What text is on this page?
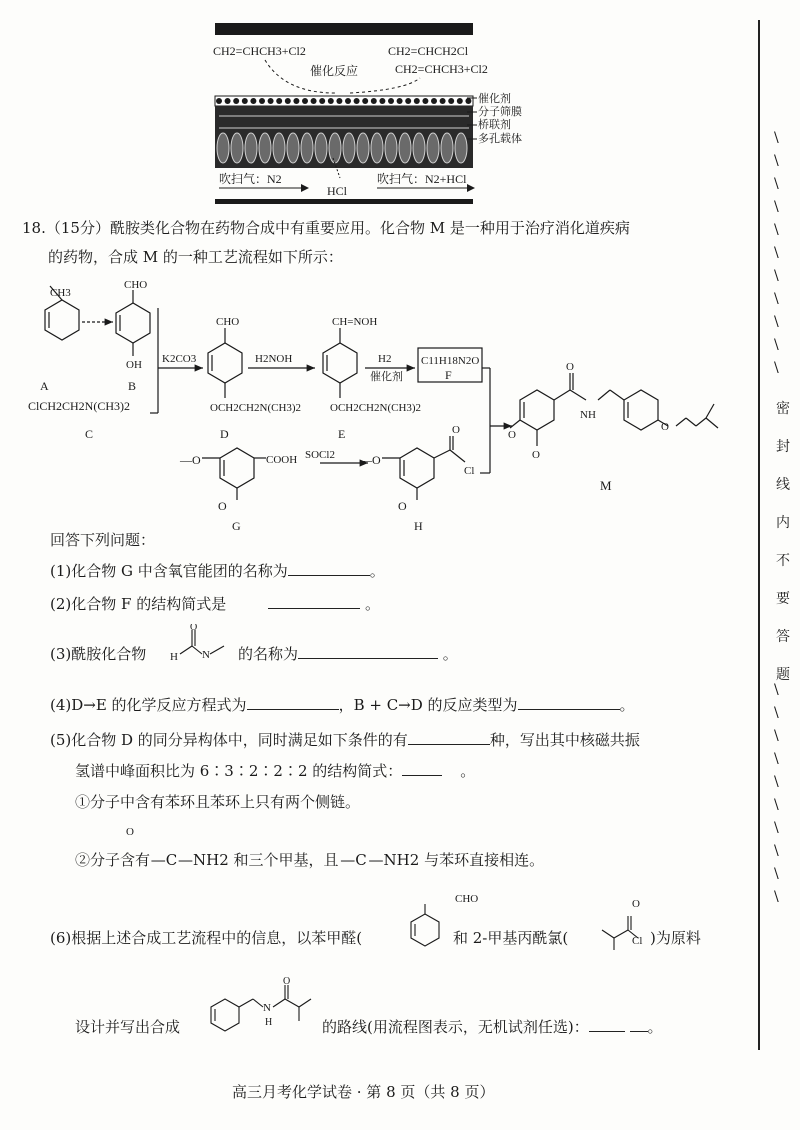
CH2=CHCH3+Cl2	CH2=CHCH2Cl
CH2=CHCH3+Cl2
催化反应
催化剂
分子筛膜
桥联剂
多孔载体
吹扫气：N2
HCl
吹扫气：N2+HCl
18.（15分）酰胺类化合物在药物合成中有重要应用。化合物 M 是一种用于治疗消化道疾病
的药物，合成 M 的一种工艺流程如下所示：
CH3
CHO
OH
A	B
ClCH2CH2N(CH3)2
C
K2CO3
CHO
OCH2CH2N(CH3)2
D
H2NOH
CH=NOH
OCH2CH2N(CH3)2
E
H2
催化剂
C11H18N2O
F
—O
O
COOH SOCl2
G
—O
O
O
Cl
H
O
NH
O
O
O
M
回答下列问题：
(1)化合物 G 中含氧官能团的名称为	。
(2)化合物 F 的结构简式是	。
(3)酰胺化合物
O
H N 的名称为	。
(4)D→E 的化学反应方程式为	，B + C→D 的反应类型为	。
(5)化合物 D 的同分异构体中，同时满足如下条件的有	种，写出其中核磁共振
氢谱中峰面积比为 6∶3∶2∶2∶2 的结构简式：	。
①分子中含有苯环且苯环上只有两个侧链。
O
②分子含有—C—NH2 和三个甲基，且 —C —NH2 与苯环直接相连。
CHO	O
(6)根据上述合成工艺流程中的信息，以苯甲醛(	和 2-甲基丙酰氯(	Cl )为原料
设计并写出合成
O
N
H	的路线(用流程图表示，无机试剂任选)：	。
高三月考化学试卷 · 第 8 页（共 8 页）
\
\
\
\
\
\
\
\
\
\
\
\
\
\
\
\
\
\
\
\
\
密
封
线
内
不
要
答
题
